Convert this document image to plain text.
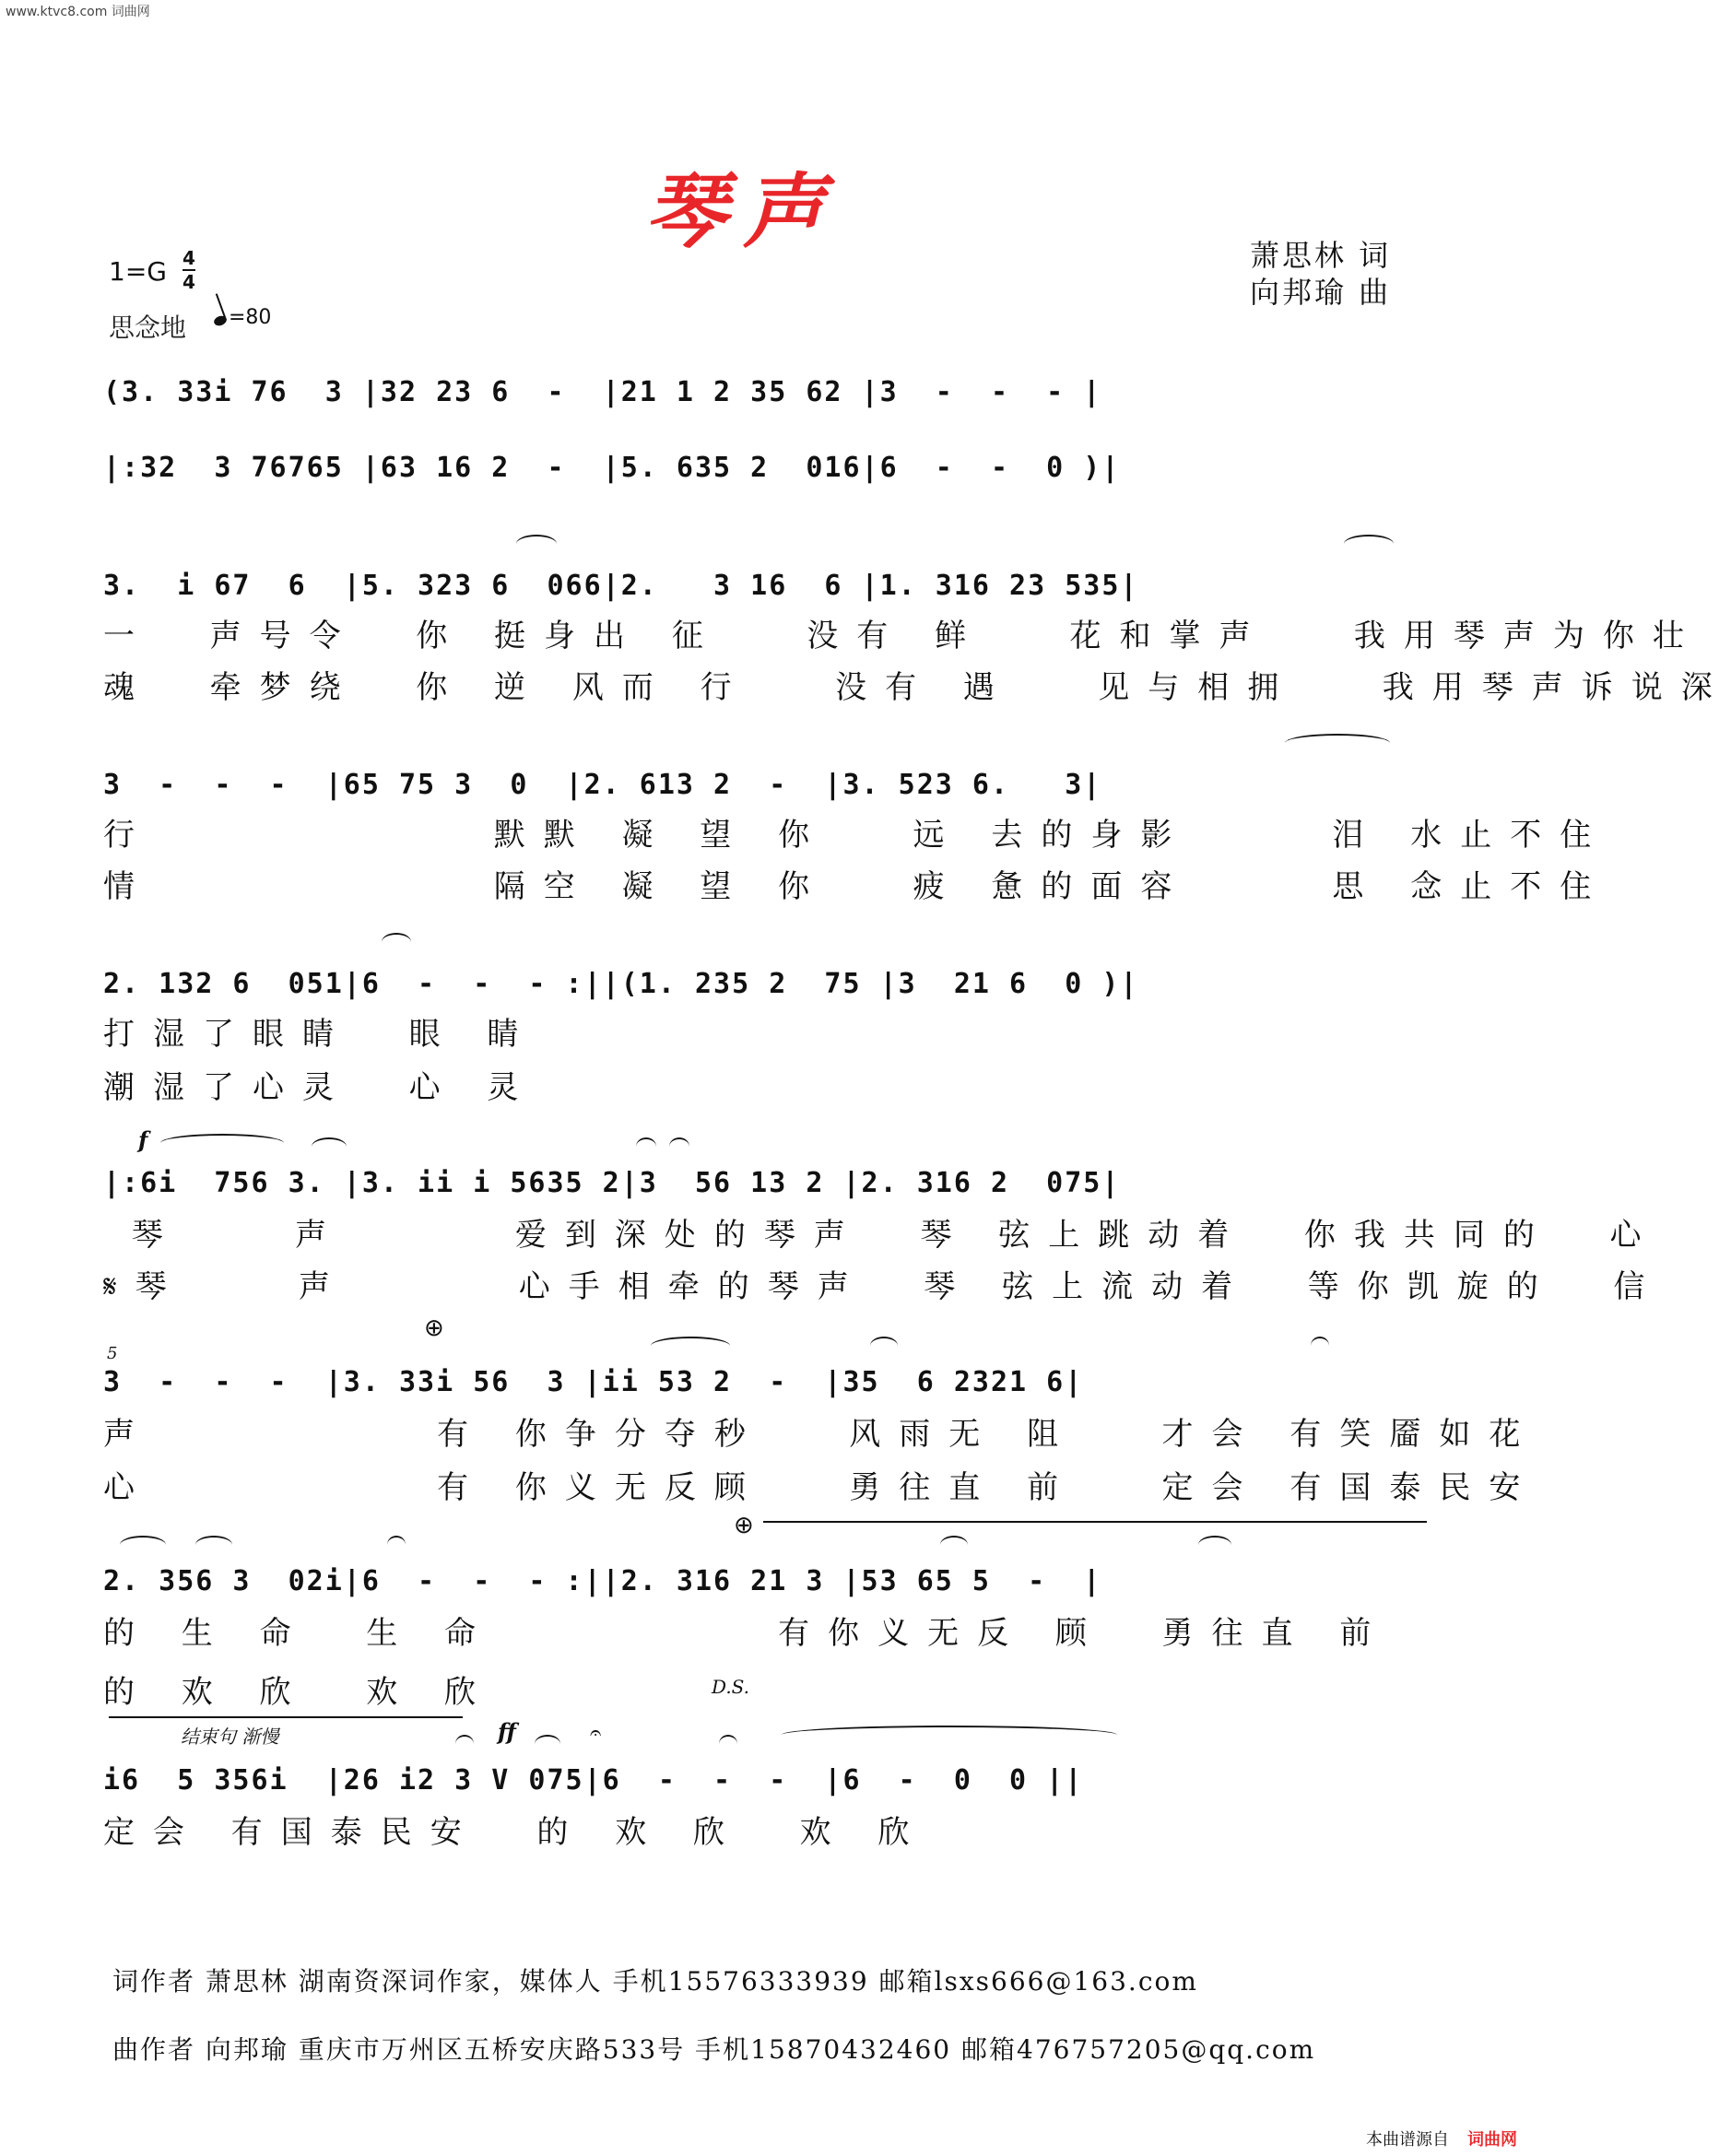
www.ktvc8.com 词曲网
琴声	萧思林 词
向邦瑜 曲
1=G 4
4
思念地	=80
(3. 33i 76  3 |32 23 6  -  |21 1 2 35 62 |3  -  -  - |
|:32  3 76765 |63 16 2  -  |5. 635 2  016|6  -  -  0 )|
3.  i 67  6  |5. 323 6  066|2.   3 16  6 |1. 316 23 535|
一  声号令  你 挺身出 征   没有 鲜   花和掌声   我用琴声为你壮
魂  牵梦绕  你 逆 风而 行   没有 遇   见与相拥   我用琴声诉说深
3  -  -  -  |65 75 3  0  |2. 613 2  -  |3. 523 6.   3|
行            默默 凝 望 你   远 去的身影     泪 水止不住
情            隔空 凝 望 你   疲 惫的面容     思 念止不住
2. 132 6  051|6  -  -  - :||(1. 235 2  75 |3  21 6  0 )|
打湿了眼睛  眼 睛
潮湿了心灵  心 灵
f
|:6i  756 3. |3. ii i 5635 2|3  56 13 2 |2. 316 2  075|
琴    声      爱到深处的琴声  琴 弦上跳动着  你我共同的  心
𝄋琴    声      心手相牵的琴声  琴 弦上流动着  等你凯旋的  信
5
⊕
3  -  -  -  |3. 33i 56  3 |ii 53 2  -  |35  6 2321 6|
声          有 你争分夺秒   风雨无 阻   才会 有笑靥如花
心          有 你义无反顾   勇往直 前   定会 有国泰民安
⊕
2. 356 3  02i|6  -  -  - :||2. 316 21 3 |53 65 5  -  |
的 生 命  生 命          有你义无反 顾  勇往直 前
的 欢 欣  欢 欣	D.S.
结束句 渐慢	ff	𝄐
i6  5 356i  |26 i2 3 V 075|6  -  -  -  |6  -  0  0 ||
定会 有国泰民安  的 欢 欣  欢 欣
词作者 萧思林 湖南资深词作家，媒体人 手机15576333939 邮箱lsxs666@163.com
曲作者 向邦瑜 重庆市万州区五桥安庆路533号 手机15870432460 邮箱476757205@qq.com
本曲谱源自 词曲网
